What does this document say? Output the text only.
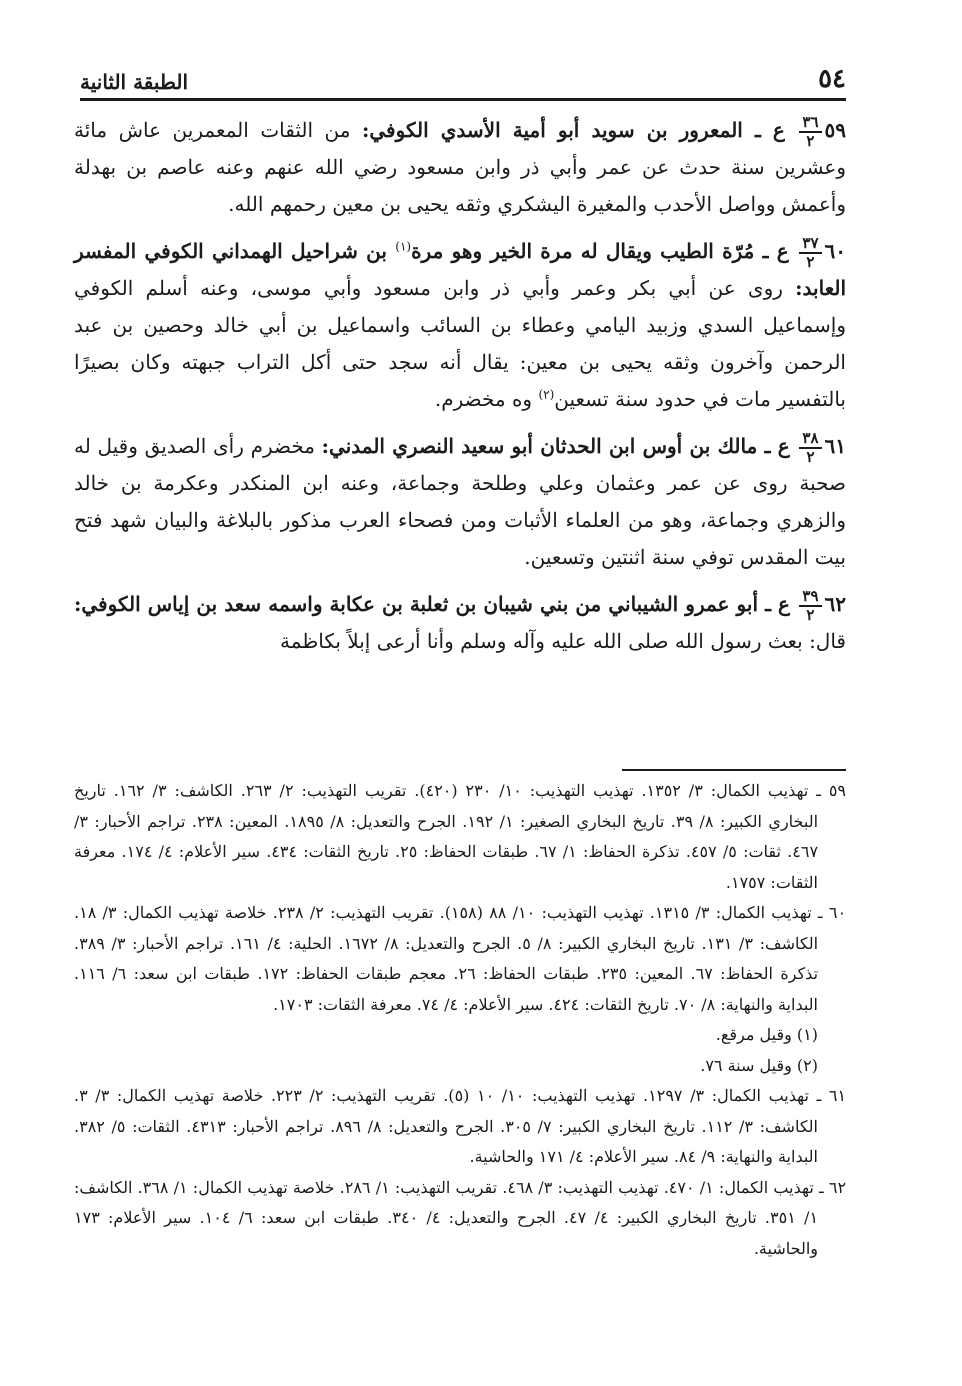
٥٤
الطبقة الثانية

٥٩
$\frac{٣٦}{٢}$
ع ـ المعرور بن سويد أبو أمية الأسدي الكوفي: من الثقات المعمرين عاش مائة وعشرين سنة حدث عن عمر وأبي ذر وابن مسعود رضي الله عنهم وعنه عاصم بن بهدلة وأعمش وواصل الأحدب والمغيرة اليشكري وثقه يحيى بن معين رحمهم الله.

٦٠
$\frac{٣٧}{٢}$
ع ـ مُرّة الطيب ويقال له مرة الخير وهو مرة$^{(١)}$ بن شراحيل الهمداني الكوفي المفسر العابد: روى عن أبي بكر وعمر وأبي ذر وابن مسعود وأبي موسى، وعنه أسلم الكوفي وإسماعيل السدي وزبيد اليامي وعطاء بن السائب واسماعيل بن أبي خالد وحصين بن عبد الرحمن وآخرون وثقه يحيى بن معين: يقال أنه سجد حتى أكل التراب جبهته وكان بصيرًا بالتفسير مات في حدود سنة تسعين$^{(٢)}$ وه مخضرم.

٦١
$\frac{٣٨}{٢}$
ع ـ مالك بن أوس ابن الحدثان أبو سعيد النصري المدني: مخضرم رأى الصديق وقيل له صحبة روى عن عمر وعثمان وعلي وطلحة وجماعة، وعنه ابن المنكدر وعكرمة بن خالد والزهري وجماعة، وهو من العلماء الأثبات ومن فصحاء العرب مذكور بالبلاغة والبيان شهد فتح بيت المقدس توفي سنة اثنتين وتسعين.

٦٢
$\frac{٣٩}{٢}$
ع ـ أبو عمرو الشيباني من بني شيبان بن ثعلبة بن عكابة واسمه سعد بن إياس الكوفي: قال: بعث رسول الله صلى الله عليه وآله وسلم وأنا أرعى إبلاً بكاظمة

٥٩ ـ تهذيب الكمال: ٣/ ١٣٥٢. تهذيب التهذيب: ١٠/ ٢٣٠ (٤٢٠). تقريب التهذيب: ٢/ ٢٦٣. الكاشف: ٣/ ١٦٢. تاريخ البخاري الكبير: ٨/ ٣٩. تاريخ البخاري الصغير: ١/ ١٩٢. الجرح والتعديل: ٨/ ١٨٩٥. المعين: ٢٣٨. تراجم الأحبار: ٣/ ٤٦٧. ثقات: ٥/ ٤٥٧. تذكرة الحفاظ: ١/ ٦٧. طبقات الحفاظ: ٢٥. تاريخ الثقات: ٤٣٤. سير الأعلام: ٤/ ١٧٤. معرفة الثقات: ١٧٥٧.

٦٠ ـ تهذيب الكمال: ٣/ ١٣١٥. تهذيب التهذيب: ١٠/ ٨٨ (١٥٨). تقريب التهذيب: ٢/ ٢٣٨. خلاصة تهذيب الكمال: ٣/ ١٨. الكاشف: ٣/ ١٣١. تاريخ البخاري الكبير: ٨/ ٥. الجرح والتعديل: ٨/ ١٦٧٢. الحلية: ٤/ ١٦١. تراجم الأحبار: ٣/ ٣٨٩. تذكرة الحفاظ: ٦٧. المعين: ٢٣٥. طبقات الحفاظ: ٢٦. معجم طبقات الحفاظ: ١٧٢. طبقات ابن سعد: ٦/ ١١٦. البداية والنهاية: ٨/ ٧٠. تاريخ الثقات: ٤٢٤. سير الأعلام: ٤/ ٧٤. معرفة الثقات: ١٧٠٣.

(١) وقيل مرقع.

(٢) وقيل سنة ٧٦.

٦١ ـ تهذيب الكمال: ٣/ ١٢٩٧. تهذيب التهذيب: ١٠/ ١٠ (٥). تقريب التهذيب: ٢/ ٢٢٣. خلاصة تهذيب الكمال: ٣/ ٣. الكاشف: ٣/ ١١٢. تاريخ البخاري الكبير: ٧/ ٣٠٥. الجرح والتعديل: ٨/ ٨٩٦. تراجم الأحبار: ٤٣١٣. الثقات: ٥/ ٣٨٢. البداية والنهاية: ٩/ ٨٤. سير الأعلام: ٤/ ١٧١ والحاشية.

٦٢ ـ تهذيب الكمال: ١/ ٤٧٠. تهذيب التهذيب: ٣/ ٤٦٨. تقريب التهذيب: ١/ ٢٨٦. خلاصة تهذيب الكمال: ١/ ٣٦٨. الكاشف: ١/ ٣٥١. تاريخ البخاري الكبير: ٤/ ٤٧. الجرح والتعديل: ٤/ ٣٤٠. طبقات ابن سعد: ٦/ ١٠٤. سير الأعلام: ١٧٣ والحاشية.
